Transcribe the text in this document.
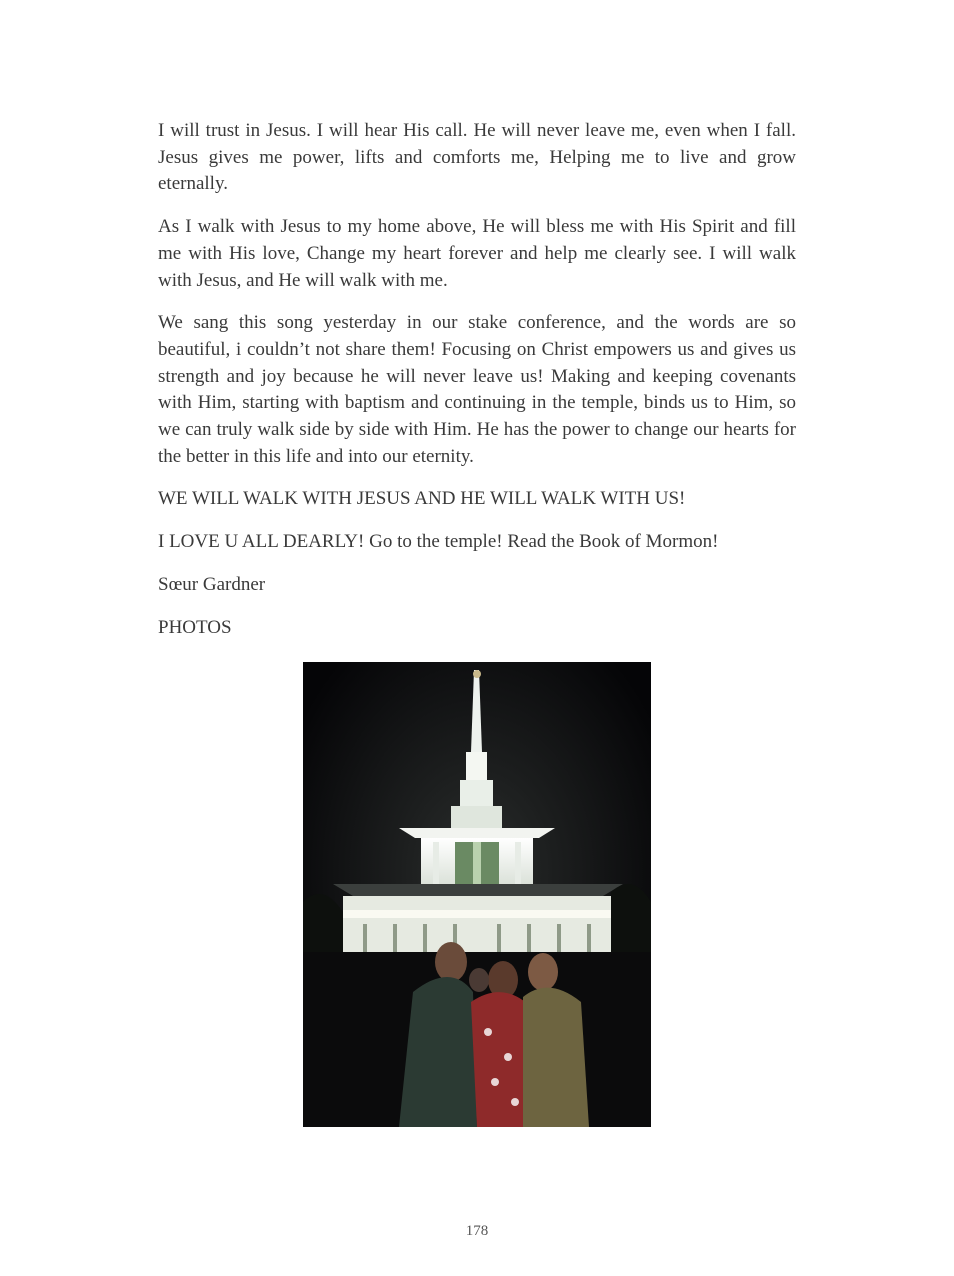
I will trust in Jesus. I will hear His call. He will never leave me, even when I fall. Jesus gives me power, lifts and comforts me, Helping me to live and grow eternally.

As I walk with Jesus to my home above, He will bless me with His Spirit and fill me with His love, Change my heart forever and help me clearly see. I will walk with Jesus, and He will walk with me.

We sang this song yesterday in our stake conference, and the words are so beautiful, i couldn’t not share them! Focusing on Christ empowers us and gives us strength and joy because he will never leave us! Making and keeping covenants with Him, starting with baptism and continuing in the temple, binds us to Him, so we can truly walk side by side with Him. He has the power to change our hearts for the better in this life and into our eternity.

WE WILL WALK WITH JESUS AND HE WILL WALK WITH US!

I LOVE U ALL DEARLY! Go to the temple! Read the Book of Mormon!

Sœur Gardner

PHOTOS

178
